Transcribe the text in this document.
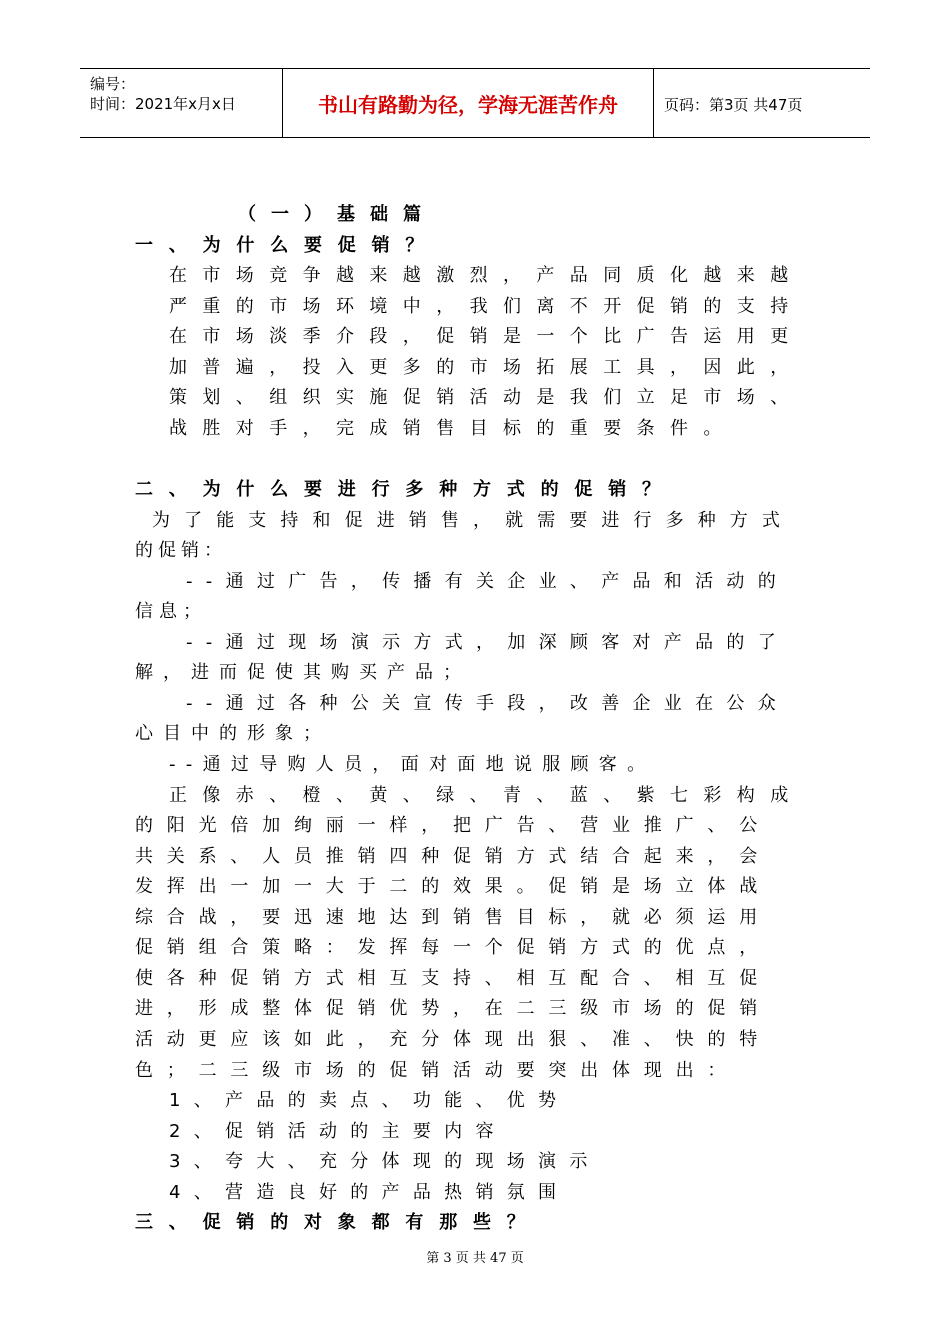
编号：
时间：2021年x月x日	书山有路勤为径，学海无涯苦作舟	页码：第3页 共47页
（一）基础篇
一、为什么要促销？
在市场竞争越来越激烈，产品同质化越来越
严重的市场环境中，我们离不开促销的支持
在市场淡季介段，促销是一个比广告运用更
加普遍，投入更多的市场拓展工具，因此，
策划、组织实施促销活动是我们立足市场、
战胜对手，完成销售目标的重要条件。
二、为什么要进行多种方式的促销？
为了能支持和促进销售，就需要进行多种方式
的促销：
--通过广告，传播有关企业、产品和活动的
信息；
--通过现场演示方式，加深顾客对产品的了
解，进而促使其购买产品；
--通过各种公关宣传手段，改善企业在公众
心目中的形象；
--通过导购人员，面对面地说服顾客。
正像赤、橙、黄、绿、青、蓝、紫七彩构成
的阳光倍加绚丽一样，把广告、营业推广、公
共关系、人员推销四种促销方式结合起来，会
发挥出一加一大于二的效果。促销是场立体战
综合战，要迅速地达到销售目标，就必须运用
促销组合策略：发挥每一个促销方式的优点，
使各种促销方式相互支持、相互配合、相互促
进，形成整体促销优势，在二三级市场的促销
活动更应该如此，充分体现出狠、准、快的特
色；二三级市场的促销活动要突出体现出：
1、产品的卖点、功能、优势
2、促销活动的主要内容
3、夸大、充分体现的现场演示
4、营造良好的产品热销氛围
三、促销的对象都有那些？
第 3 页 共 47 页
